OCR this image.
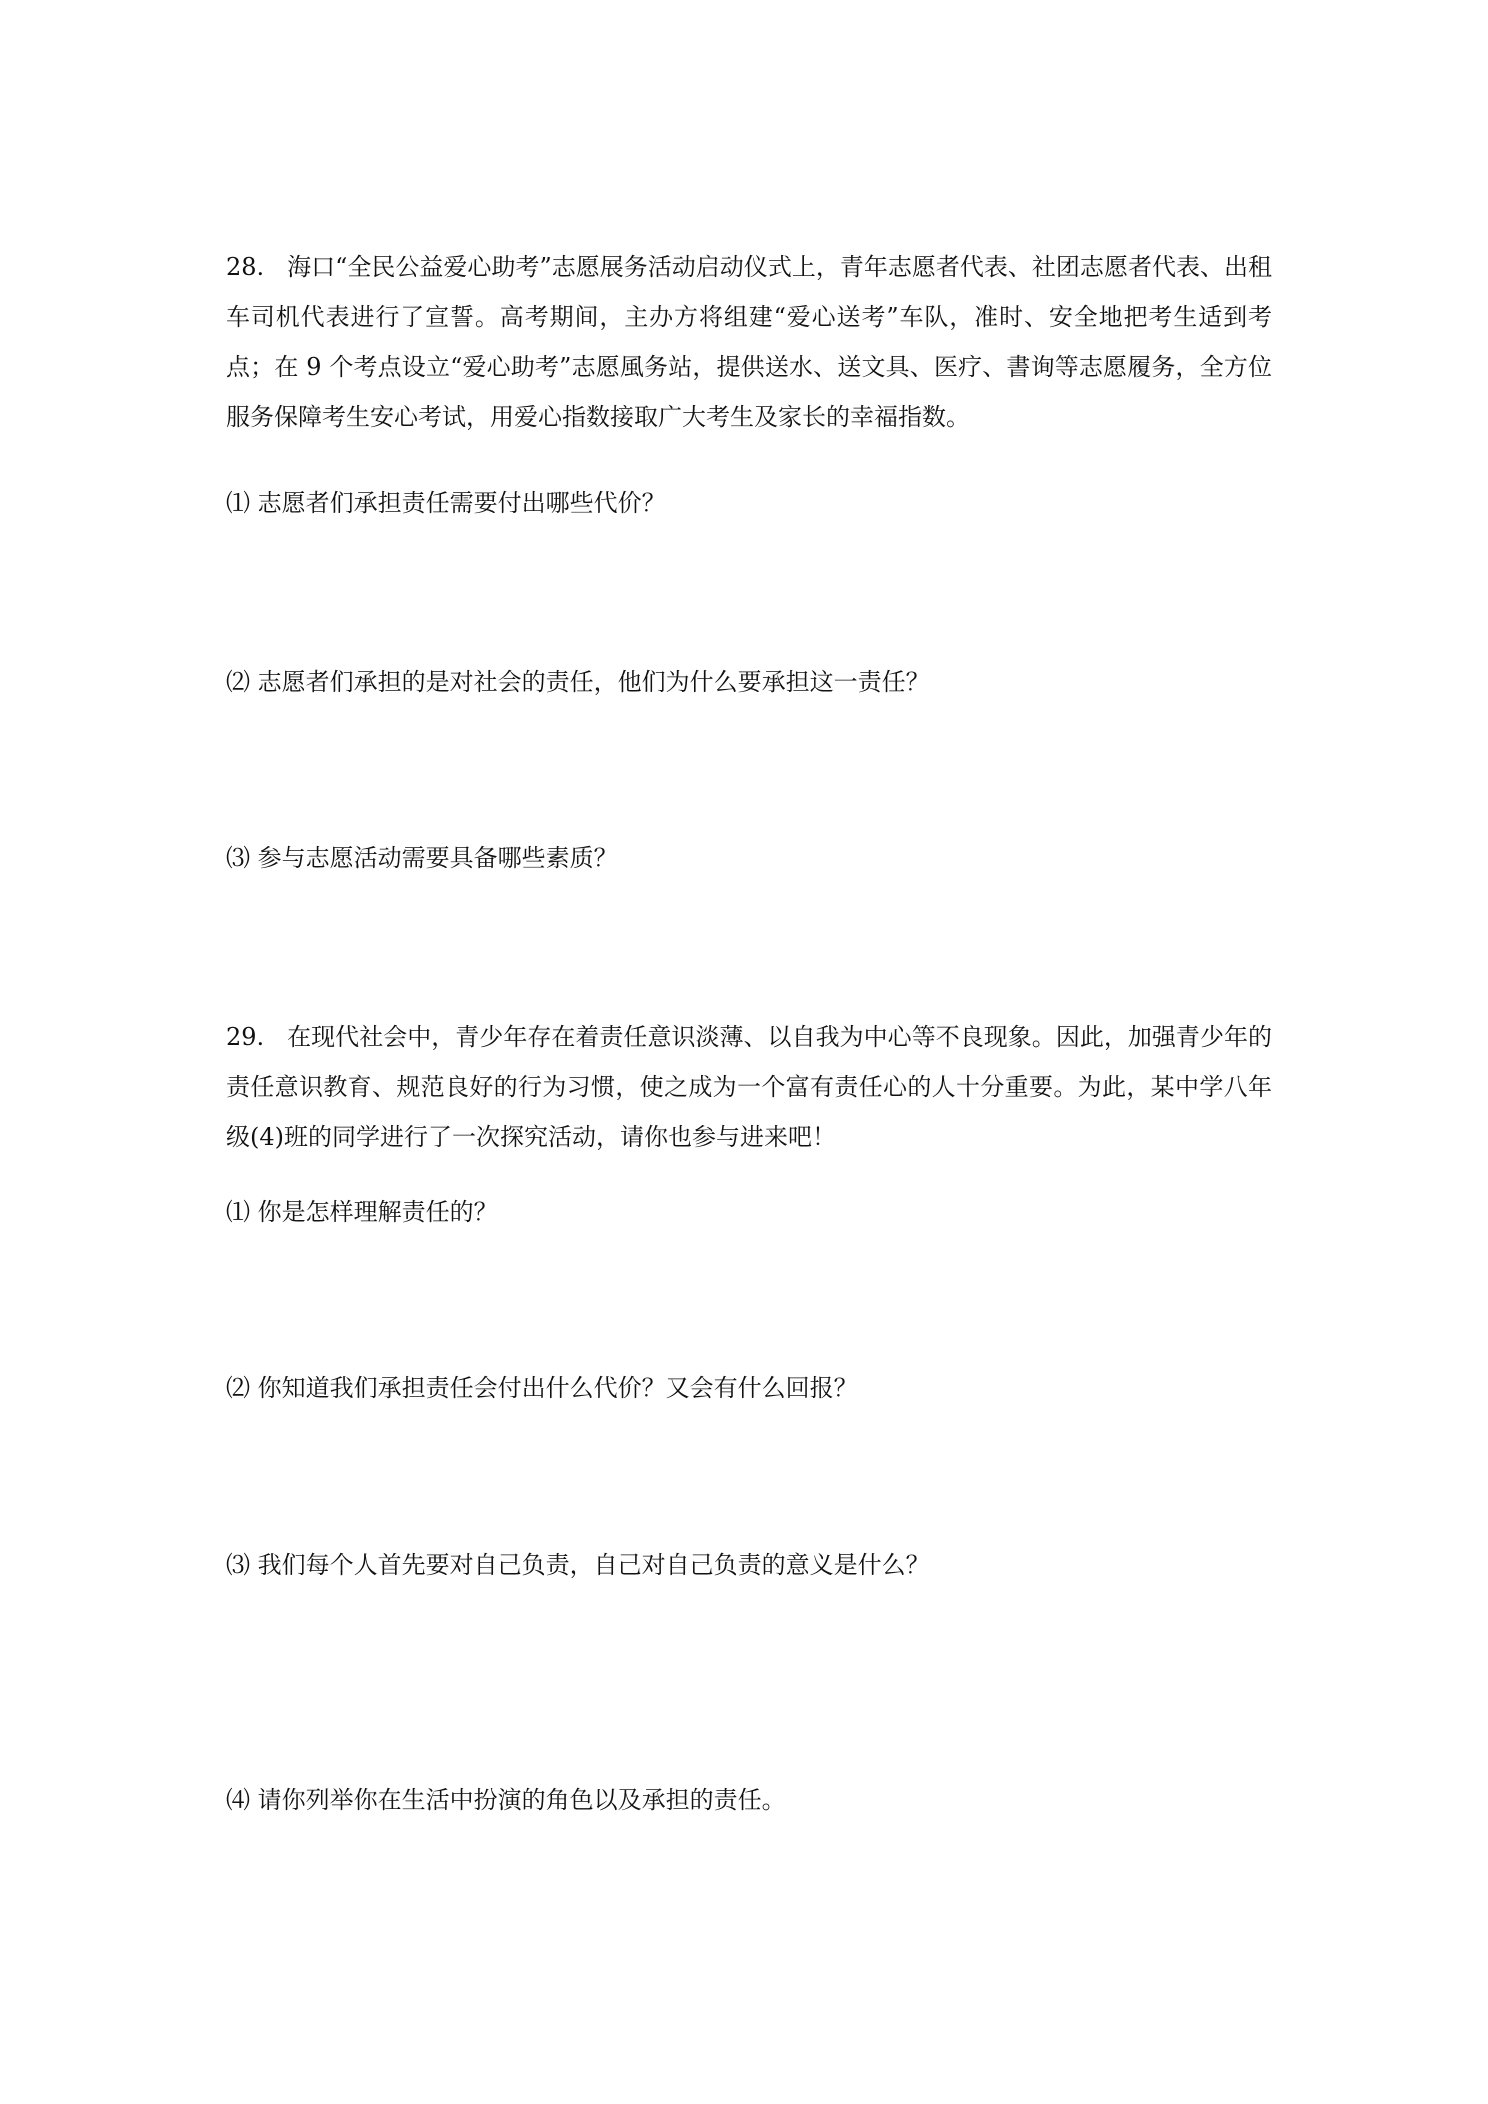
28. 海口“全民公益爱心助考”志愿展务活动启动仪式上，青年志愿者代表、社团志愿者代表、出租车司机代表进行了宣誓。高考期间，主办方将组建“爱心送考”车队，准时、安全地把考生适到考点；在 9 个考点设立“爱心助考”志愿風务站，提供送水、送文具、医疗、書询等志愿履务，全方位服务保障考生安心考试，用爱心指数接取广大考生及家长的幸福指数。

⑴ 志愿者们承担责任需要付出哪些代价？

⑵ 志愿者们承担的是对社会的责任，他们为什么要承担这一责任？

⑶ 参与志愿活动需要具备哪些素质？

29. 在现代社会中，青少年存在着责任意识淡薄、以自我为中心等不良现象。因此，加强青少年的责任意识教育、规范良好的行为习惯，使之成为一个富有责任心的人十分重要。为此，某中学八年级(4)班的同学进行了一次探究活动，请你也参与进来吧！

⑴ 你是怎样理解责任的？

⑵ 你知道我们承担责任会付出什么代价？又会有什么回报？

⑶ 我们每个人首先要对自己负责，自己对自己负责的意义是什么？

⑷ 请你列举你在生活中扮演的角色以及承担的责任。
